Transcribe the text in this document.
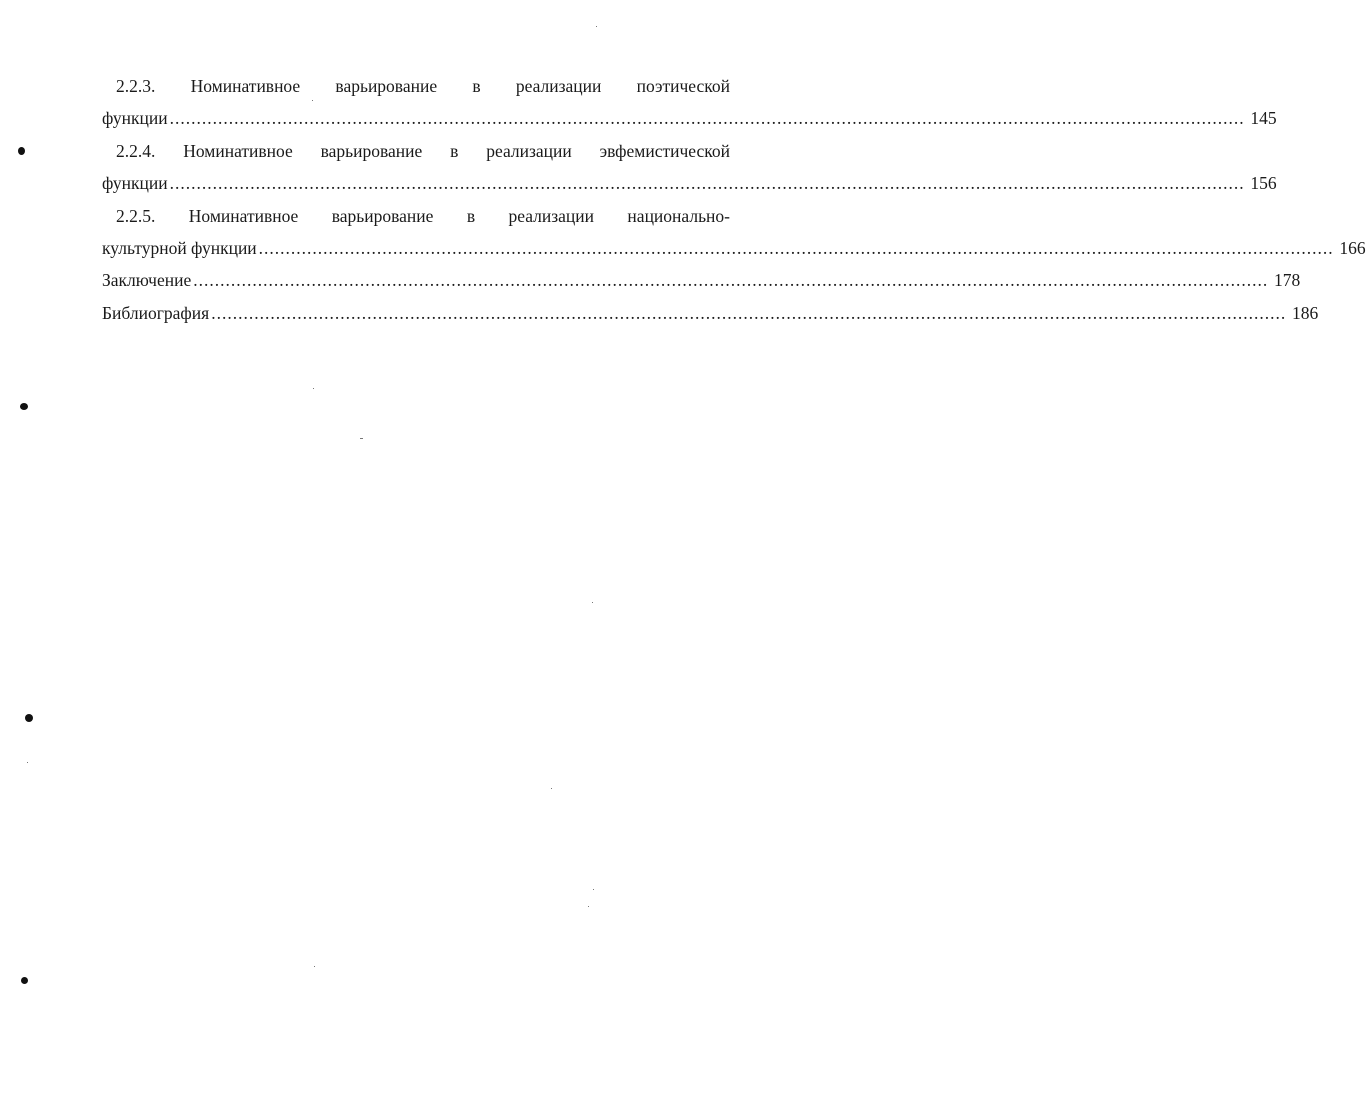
2.2.3. Номинативное варьирование в реализации поэтической
функции ........................................................................................................................................................................................................ 145
2.2.4. Номинативное варьирование в реализации эвфемистической
функции ........................................................................................................................................................................................................ 156
2.2.5. Номинативное варьирование в реализации национально-
культурной функции ........................................................................................................................................................................................................ 166
Заключение ........................................................................................................................................................................................................ 178
Библиография ........................................................................................................................................................................................................ 186
